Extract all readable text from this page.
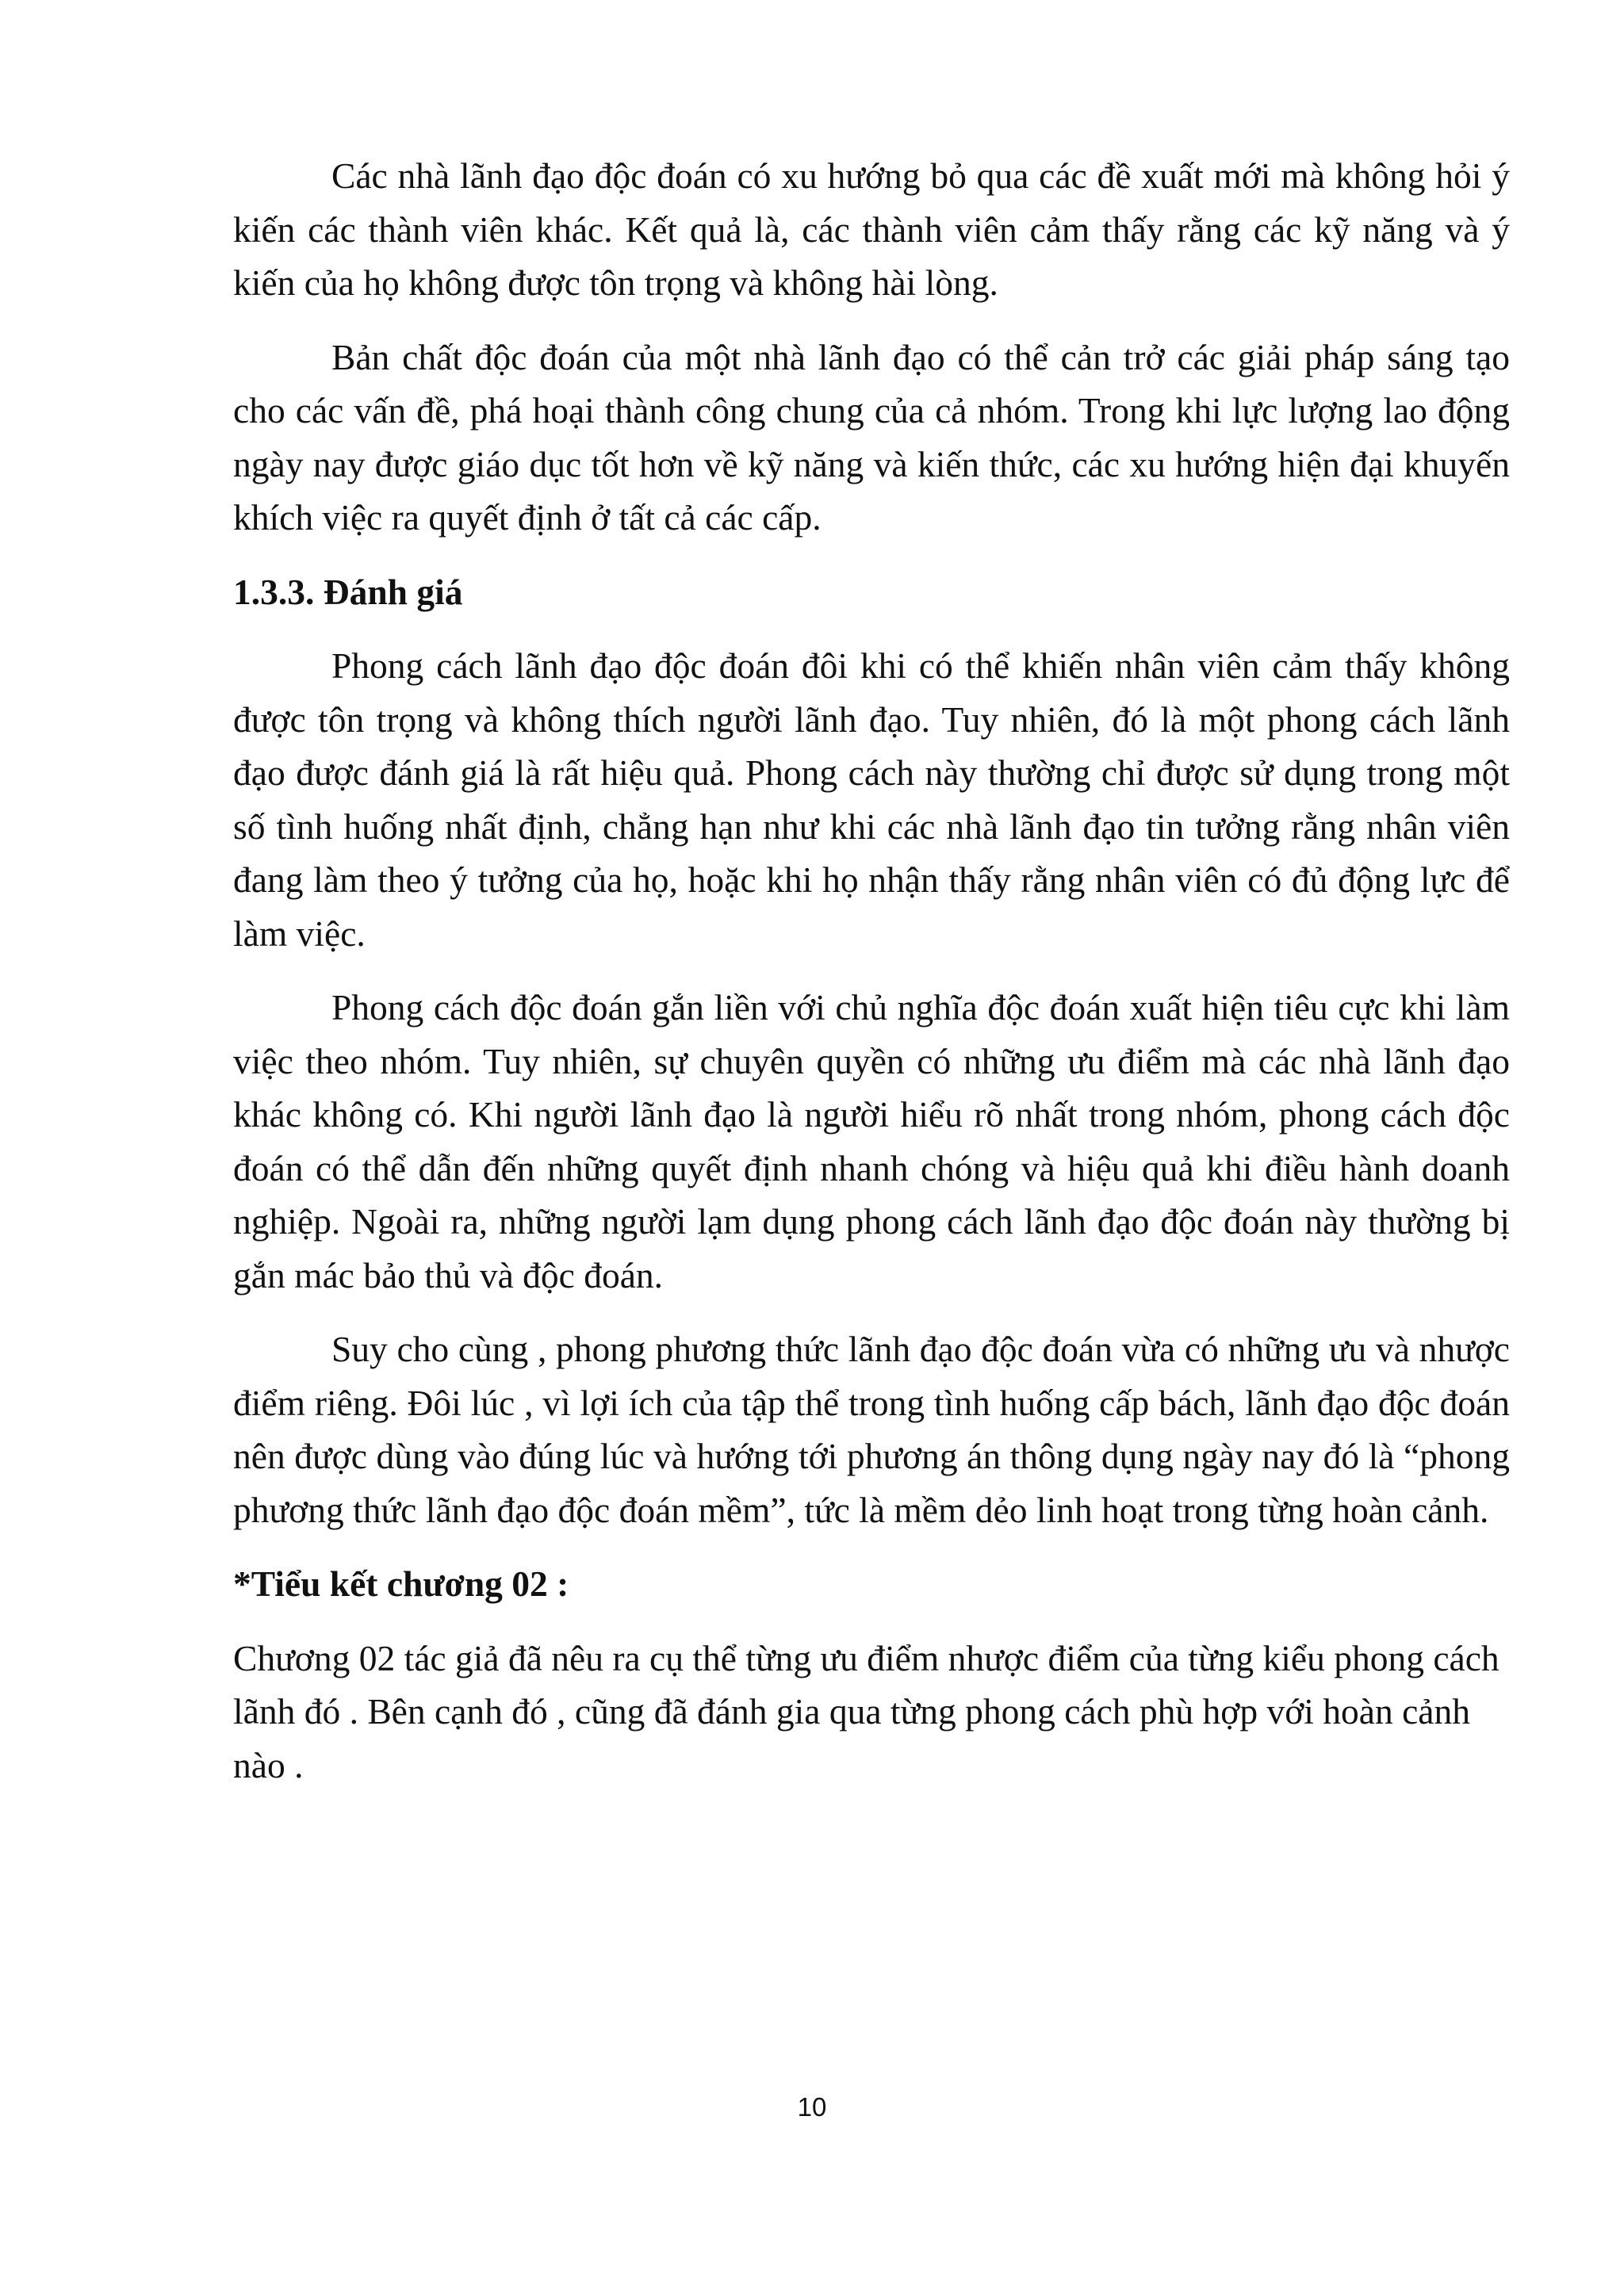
Các nhà lãnh đạo độc đoán có xu hướng bỏ qua các đề xuất mới mà không hỏi ý kiến các thành viên khác. Kết quả là, các thành viên cảm thấy rằng các kỹ năng và ý kiến của họ không được tôn trọng và không hài lòng.

Bản chất độc đoán của một nhà lãnh đạo có thể cản trở các giải pháp sáng tạo cho các vấn đề, phá hoại thành công chung của cả nhóm. Trong khi lực lượng lao động ngày nay được giáo dục tốt hơn về kỹ năng và kiến thức, các xu hướng hiện đại khuyến khích việc ra quyết định ở tất cả các cấp.

1.3.3. Đánh giá

Phong cách lãnh đạo độc đoán đôi khi có thể khiến nhân viên cảm thấy không được tôn trọng và không thích người lãnh đạo. Tuy nhiên, đó là một phong cách lãnh đạo được đánh giá là rất hiệu quả. Phong cách này thường chỉ được sử dụng trong một số tình huống nhất định, chẳng hạn như khi các nhà lãnh đạo tin tưởng rằng nhân viên đang làm theo ý tưởng của họ, hoặc khi họ nhận thấy rằng nhân viên có đủ động lực để làm việc.

Phong cách độc đoán gắn liền với chủ nghĩa độc đoán xuất hiện tiêu cực khi làm việc theo nhóm. Tuy nhiên, sự chuyên quyền có những ưu điểm mà các nhà lãnh đạo khác không có. Khi người lãnh đạo là người hiểu rõ nhất trong nhóm, phong cách độc đoán có thể dẫn đến những quyết định nhanh chóng và hiệu quả khi điều hành doanh nghiệp. Ngoài ra, những người lạm dụng phong cách lãnh đạo độc đoán này thường bị gắn mác bảo thủ và độc đoán.

Suy cho cùng , phong phương thức lãnh đạo độc đoán vừa có những ưu và nhược điểm riêng. Đôi lúc , vì lợi ích của tập thể trong tình huống cấp bách, lãnh đạo độc đoán nên được dùng vào đúng lúc và hướng tới phương án thông dụng ngày nay đó là “phong phương thức lãnh đạo độc đoán mềm”, tức là mềm dẻo linh hoạt trong từng hoàn cảnh.

*Tiểu kết chương 02 :

Chương 02 tác giả đã nêu ra cụ thể từng ưu điểm nhược điểm của từng kiểu phong cách lãnh đó . Bên cạnh đó , cũng đã đánh gia qua từng phong cách phù hợp với hoàn cảnh nào .

10
